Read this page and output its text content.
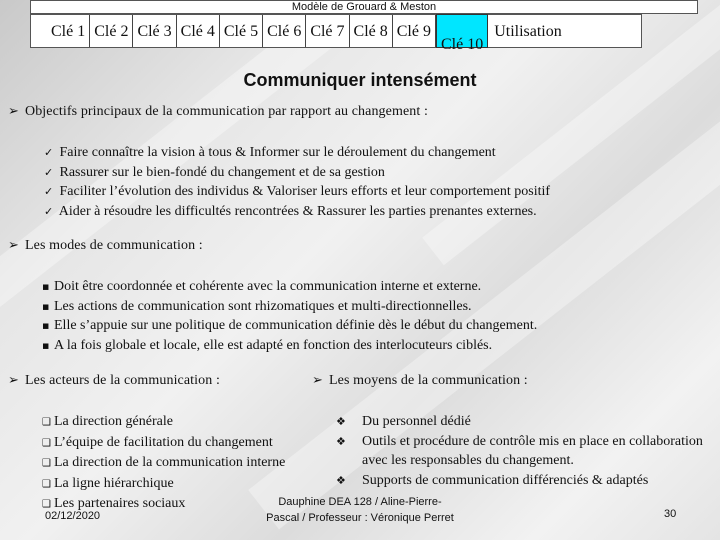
Modèle de Grouard & Meston
Clé 1 Clé 2 Clé 3 Clé 4 Clé 5 Clé 6 Clé 7 Clé 8 Clé 9
Clé 10
Utilisation
Communiquer intensément
➢ Objectifs principaux de la communication par rapport au changement :
✓ Faire connaître la vision à tous & Informer sur le déroulement du changement
✓ Rassurer sur le bien-fondé du changement et de sa gestion
✓ Faciliter l’évolution des individus & Valoriser leurs efforts et leur comportement positif
✓ Aider à résoudre les difficultés rencontrées & Rassurer les parties prenantes externes.
➢ Les modes de communication :
▪ Doit être coordonnée et cohérente avec la communication interne et externe.
▪ Les actions de communication sont rhizomatiques et multi-directionnelles.
▪ Elle s’appuie sur une politique de communication définie dès le début du changement.
▪ A la fois globale et locale, elle est adapté en fonction des interlocuteurs ciblés.
➢ Les acteurs de la communication :	➢ Les moyens de la communication :
❑ La direction générale
❑ L’équipe de facilitation du changement
❑ La direction de la communication interne
❑ La ligne hiérarchique
❑ Les partenaires sociaux
❖ Du personnel dédié
❖ Outils et procédure de contrôle mis en place en collaboration avec les responsables du changement.
❖ Supports de communication différenciés & adaptés
02/12/2020
Dauphine DEA 128 / Aline-Pierre-
Pascal / Professeur : Véronique Perret	30
